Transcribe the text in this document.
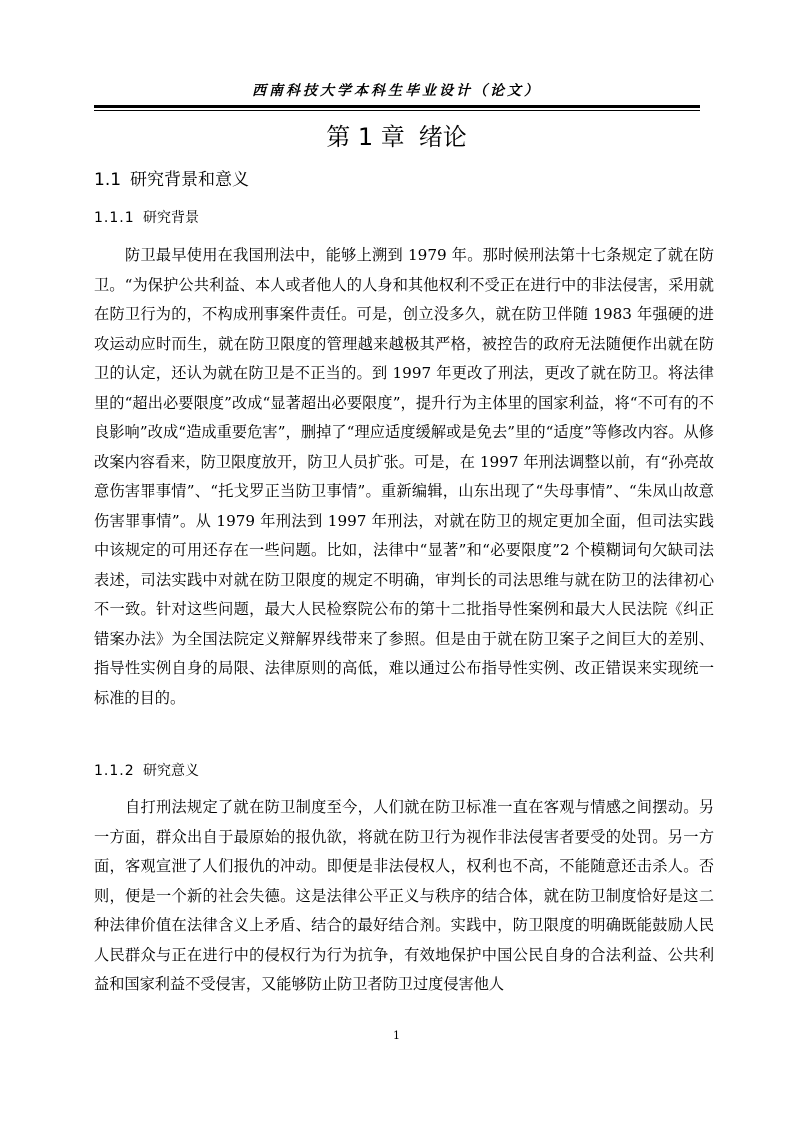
西南科技大学本科生毕业设计（论文）
第 1 章 绪论
1.1 研究背景和意义
1.1.1 研究背景

防卫最早使用在我国刑法中，能够上溯到 1979 年。那时候刑法第十七条规定了就在防卫。“为保护公共利益、本人或者他人的人身和其他权利不受正在进行中的非法侵害，采用就在防卫行为的，不构成刑事案件责任。可是，创立没多久，就在防卫伴随 1983 年强硬的进攻运动应时而生，就在防卫限度的管理越来越极其严格，被控告的政府无法随便作出就在防卫的认定，还认为就在防卫是不正当的。到 1997 年更改了刑法，更改了就在防卫。将法律里的“超出必要限度”改成“显著超出必要限度”，提升行为主体里的国家利益，将“不可有的不良影响”改成“造成重要危害”，删掉了“理应适度缓解或是免去”里的“适度”等修改内容。从修改案内容看来，防卫限度放开，防卫人员扩张。可是，在 1997 年刑法调整以前，有“孙亮故意伤害罪事情”、“托戈罗正当防卫事情”。重新编辑，山东出现了“失母事情”、“朱凤山故意伤害罪事情”。从 1979 年刑法到 1997 年刑法，对就在防卫的规定更加全面，但司法实践中该规定的可用还存在一些问题。比如，法律中“显著”和“必要限度”2 个模糊词句欠缺司法表述，司法实践中对就在防卫限度的规定不明确，审判长的司法思维与就在防卫的法律初心不一致。针对这些问题，最大人民检察院公布的第十二批指导性案例和最大人民法院《纠正错案办法》为全国法院定义辩解界线带来了参照。但是由于就在防卫案子之间巨大的差别、指导性实例自身的局限、法律原则的高低，难以通过公布指导性实例、改正错误来实现统一标准的目的。

1.1.2 研究意义

自打刑法规定了就在防卫制度至今，人们就在防卫标准一直在客观与情感之间摆动。另一方面，群众出自于最原始的报仇欲，将就在防卫行为视作非法侵害者要受的处罚。另一方面，客观宣泄了人们报仇的冲动。即便是非法侵权人，权利也不高，不能随意还击杀人。否则，便是一个新的社会失德。这是法律公平正义与秩序的结合体，就在防卫制度恰好是这二种法律价值在法律含义上矛盾、结合的最好结合剂。实践中，防卫限度的明确既能鼓励人民人民群众与正在进行中的侵权行为行为抗争，有效地保护中国公民自身的合法利益、公共利益和国家利益不受侵害，又能够防止防卫者防卫过度侵害他人

1
